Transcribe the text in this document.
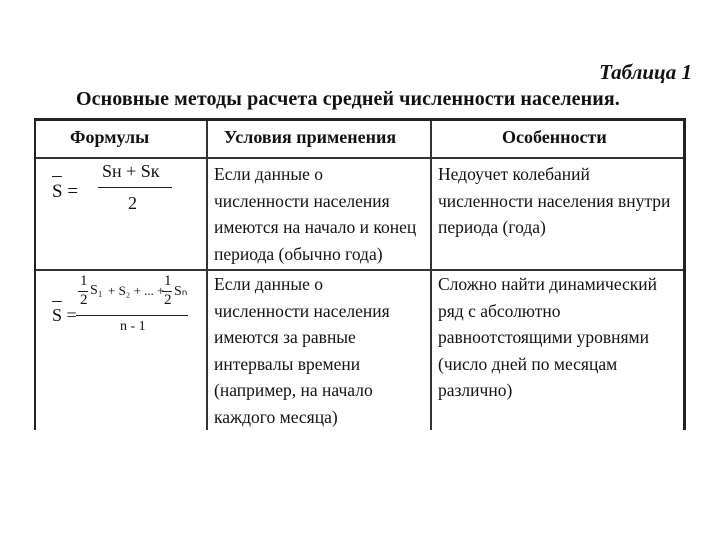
Таблица 1
Основные методы расчета средней численности населения.
Формулы	Условия применения	Особенности
S =
Sн + Sк
2
Если данные о
численности населения
имеются на начало и конец
периода (обычно года)
Недоучет колебаний
численности населения внутри
периода (года)
S =
1
2
S₁ + S₂ + ... +
1
2
Sₙ
n - 1
Если данные о
численности населения
имеются за равные
интервалы времени
(например, на начало
каждого месяца)
Сложно найти динамический
ряд с абсолютно
равноотстоящими уровнями
(число дней по месяцам
различно)
